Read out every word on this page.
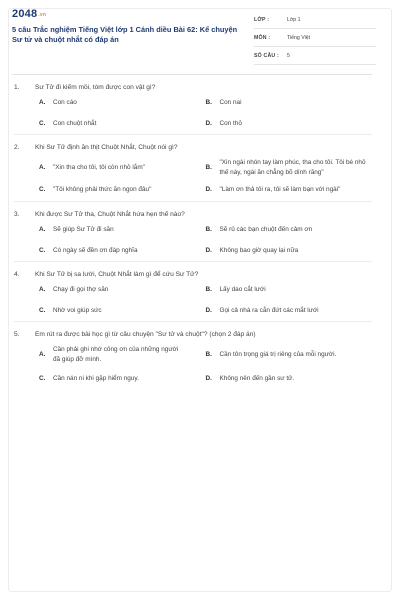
2048.vn
5 câu Trắc nghiệm Tiếng Việt lớp 1 Cánh diều Bài 62: Kể chuyện Sư tử và chuột nhắt có đáp án
LỚP :	Lớp 1
MÔN :	Tiếng Việt
SỐ CÂU : 5
1. Sư Tử đi kiếm mồi, tóm được con vật gì?
A.	Con cáo	B.	Con nai
C.	Con chuột nhắt	D.	Con thỏ
2. Khi Sư Tử định ăn thịt Chuột Nhắt, Chuột nói gì?
A.	"Xin tha cho tôi, tôi còn nhỏ lắm"	B.
"Xin ngài nhón tay làm phúc, tha cho tôi. Tôi bé nhỏ thế này, ngài ăn chẳng bõ dính răng"
C.	"Tôi không phải thức ăn ngon đâu"	D.	"Làm ơn thả tôi ra, tôi sẽ làm bạn với ngài"
3. Khi được Sư Tử tha, Chuột Nhắt hứa hẹn thế nào?
A.	Sẽ giúp Sư Tử đi săn	B.	Sẽ rủ các bạn chuột đến cảm ơn
C.	Có ngày sẽ đền ơn đáp nghĩa	D.	Không bao giờ quay lại nữa
4. Khi Sư Tử bị sa lưới, Chuột Nhắt làm gì để cứu Sư Tử?
A.	Chạy đi gọi thợ săn	B.	Lấy dao cắt lưới
C.	Nhờ voi giúp sức	D.	Gọi cả nhà ra cắn đứt các mắt lưới
5. Em rút ra được bài học gì từ câu chuyện "Sư tử và chuột"? (chọn 2 đáp án)
A.
Cần phải ghi nhớ công ơn của những người đã giúp đỡ mình.
B.	Cần tôn trọng giá trị riêng của mỗi người.
C.	Cần nán ni khi gặp hiểm nguy.	D.	Không nên đến gần sư tử.
